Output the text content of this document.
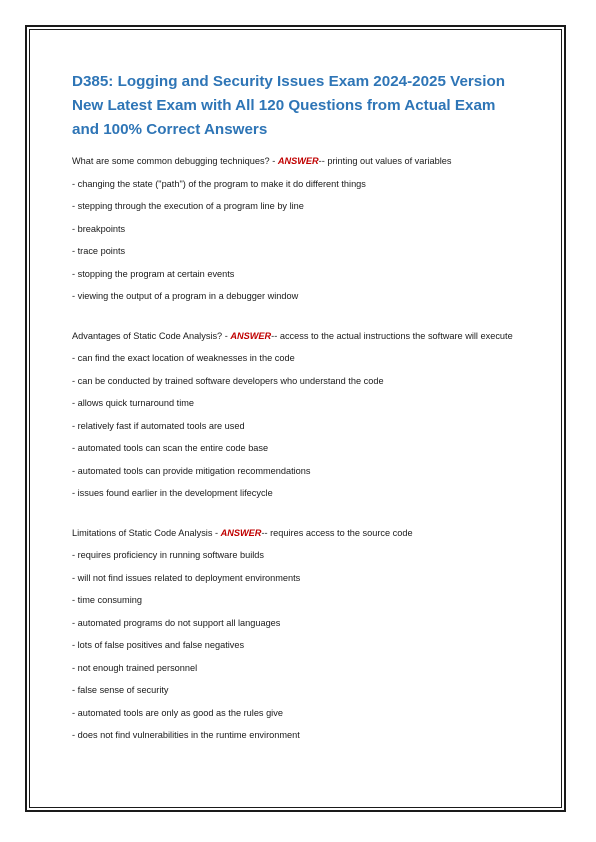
D385: Logging and Security Issues Exam 2024-2025 Version New Latest Exam with All 120 Questions from Actual Exam and 100% Correct Answers

What are some common debugging techniques? - ANSWER-- printing out values of variables

- changing the state ("path") of the program to make it do different things

- stepping through the execution of a program line by line

- breakpoints

- trace points

- stopping the program at certain events

- viewing the output of a program in a debugger window

Advantages of Static Code Analysis? - ANSWER-- access to the actual instructions the software will execute

- can find the exact location of weaknesses in the code

- can be conducted by trained software developers who understand the code

- allows quick turnaround time

- relatively fast if automated tools are used

- automated tools can scan the entire code base

- automated tools can provide mitigation recommendations

- issues found earlier in the development lifecycle

Limitations of Static Code Analysis - ANSWER-- requires access to the source code

- requires proficiency in running software builds

- will not find issues related to deployment environments

- time consuming

- automated programs do not support all languages

- lots of false positives and false negatives

- not enough trained personnel

- false sense of security

- automated tools are only as good as the rules give

- does not find vulnerabilities in the runtime environment
